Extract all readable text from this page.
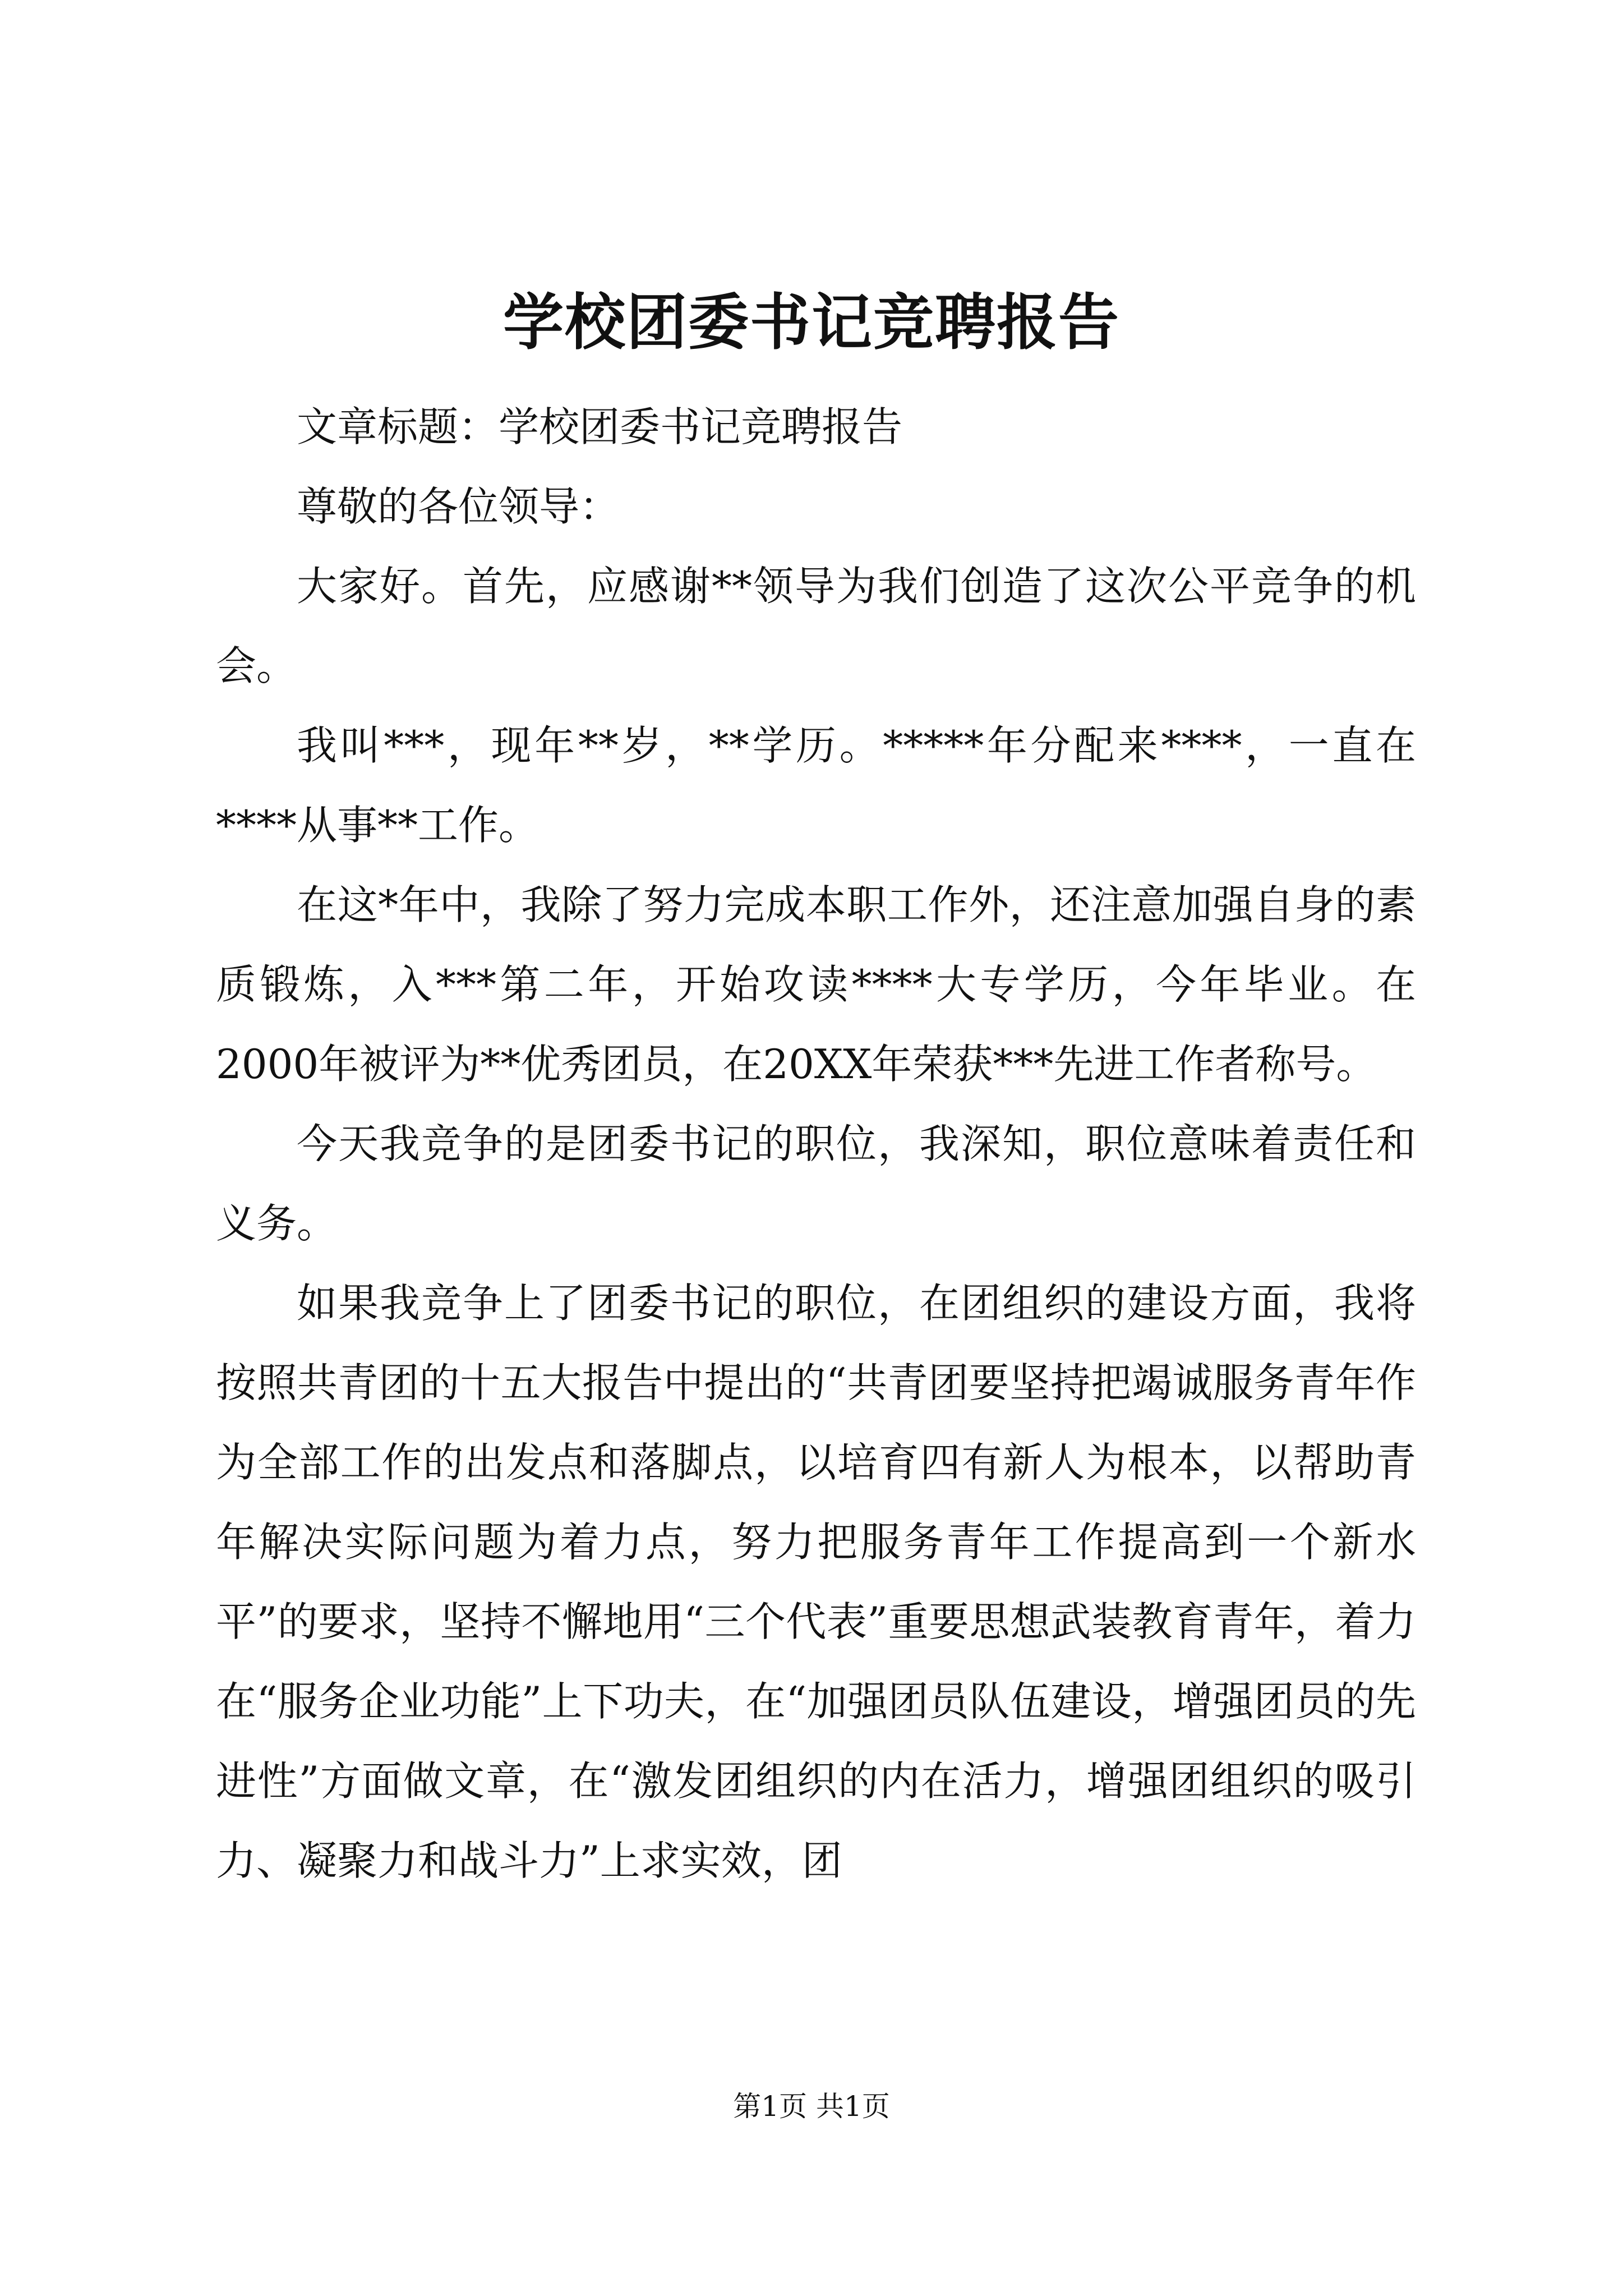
学校团委书记竞聘报告

文章标题：学校团委书记竞聘报告

尊敬的各位领导：

大家好。首先，应感谢**领导为我们创造了这次公平竞争的机会。

我叫***，现年**岁，**学历。*****年分配来****，一直在****从事**工作。

在这*年中，我除了努力完成本职工作外，还注意加强自身的素质锻炼，入***第二年，开始攻读****大专学历，今年毕业。在2000年被评为**优秀团员，在20XX年荣获***先进工作者称号。

今天我竞争的是团委书记的职位，我深知，职位意味着责任和义务。

如果我竞争上了团委书记的职位，在团组织的建设方面，我将按照共青团的十五大报告中提出的“共青团要坚持把竭诚服务青年作为全部工作的出发点和落脚点，以培育四有新人为根本，以帮助青年解决实际问题为着力点，努力把服务青年工作提高到一个新水平”的要求，坚持不懈地用“三个代表”重要思想武装教育青年，着力在“服务企业功能”上下功夫，在“加强团员队伍建设，增强团员的先进性”方面做文章，在“激发团组织的内在活力，增强团组织的吸引力、凝聚力和战斗力”上求实效，团

第1页 共1页
